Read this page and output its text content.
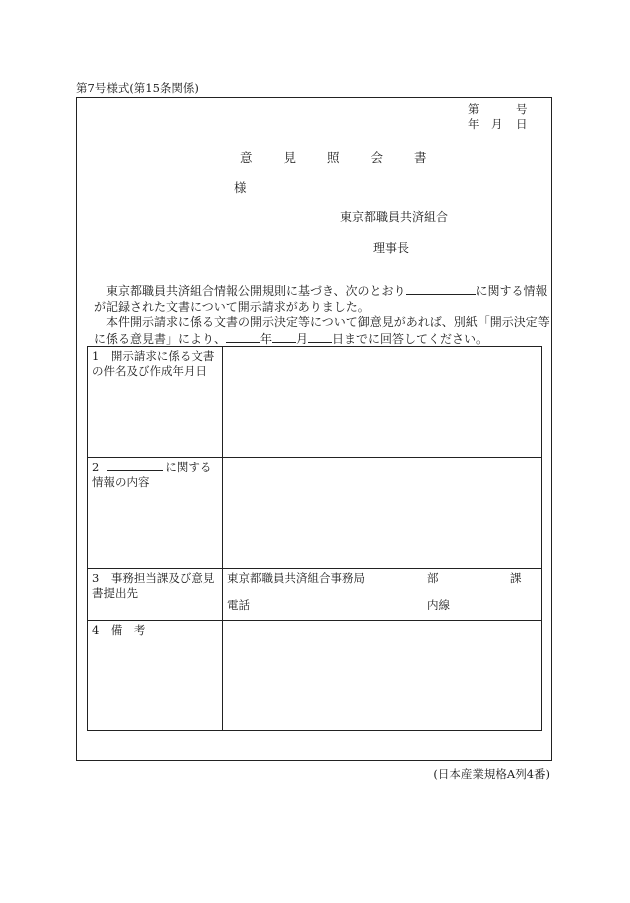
第7号様式(第15条関係)
第	号
年 月 日
意見照会書
様
東京都職員共済組合
理事長

東京都職員共済組合情報公開規則に基づき、次のとおり	に関する情報が記録された文書について開示請求がありました。

本件開示請求に係る文書の開示決定等について御意見があれば、別紙「開示決定等に係る意見書」により、	年 月 日までに回答してください。

1　開示請求に係る文書の件名及び作成年月日	
2 に関する情報の内容	
3　事務担当課及び意見書提出先	東京都職員共済組合事務局 部 課
電話 内線

4　備　考	
(日本産業規格A列4番)
